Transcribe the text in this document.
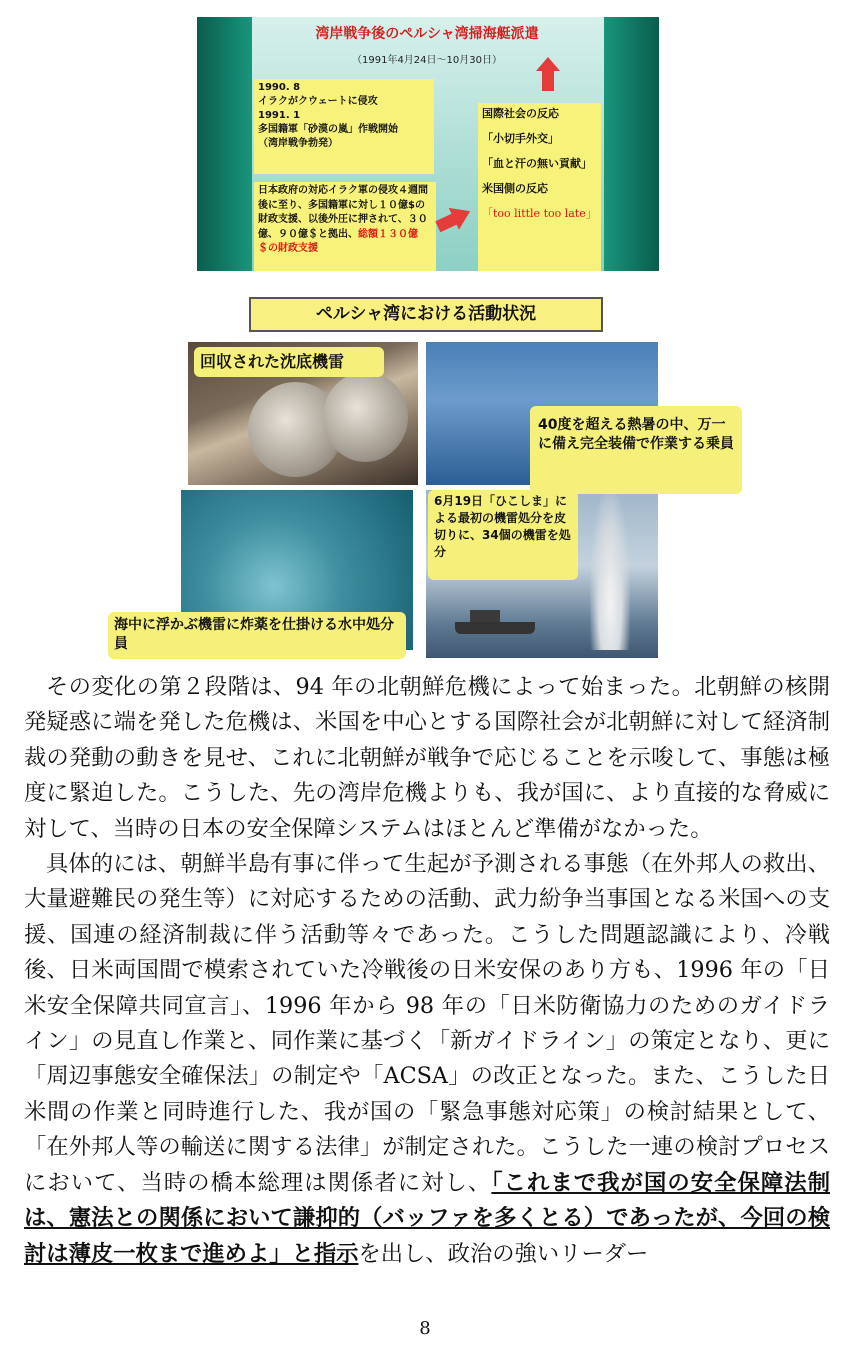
湾岸戦争後のペルシャ湾掃海艇派遣
（1991年4月24日～10月30日）
1990. 8
イラクがクウェートに侵攻
1991. 1
多国籍軍「砂漠の嵐」作戦開始
（湾岸戦争勃発）
日本政府の対応イラク軍の侵攻４週間後に至り、多国籍軍に対し１０億$の財政支援、以後外圧に押されて、３０億、９０億＄と拠出、総額１３０億＄の財政支援
国際社会の反応
「小切手外交」
「血と汗の無い貢献」
米国側の反応
「too little too late」
ペルシャ湾における活動状況
回収された沈底機雷
40度を超える熱暑の中、万一に備え完全装備で作業する乗員
6月19日「ひこしま」による最初の機雷処分を皮切りに、34個の機雷を処分
海中に浮かぶ機雷に炸薬を仕掛ける水中処分員

その変化の第２段階は、94 年の北朝鮮危機によって始まった。北朝鮮の核開発疑惑に端を発した危機は、米国を中心とする国際社会が北朝鮮に対して経済制裁の発動の動きを見せ、これに北朝鮮が戦争で応じることを示唆して、事態は極度に緊迫した。こうした、先の湾岸危機よりも、我が国に、より直接的な脅威に対して、当時の日本の安全保障システムはほとんど準備がなかった。

具体的には、朝鮮半島有事に伴って生起が予測される事態（在外邦人の救出、大量避難民の発生等）に対応するための活動、武力紛争当事国となる米国への支援、国連の経済制裁に伴う活動等々であった。こうした問題認識により、冷戦後、日米両国間で模索されていた冷戦後の日米安保のあり方も、1996 年の「日米安全保障共同宣言」、1996 年から 98 年の「日米防衛協力のためのガイドライン」の見直し作業と、同作業に基づく「新ガイドライン」の策定となり、更に「周辺事態安全確保法」の制定や「ACSA」の改正となった。また、こうした日米間の作業と同時進行した、我が国の「緊急事態対応策」の検討結果として、「在外邦人等の輸送に関する法律」が制定された。こうした一連の検討プロセスにおいて、当時の橋本総理は関係者に対し、「これまで我が国の安全保障法制は、憲法との関係において謙抑的（バッファを多くとる）であったが、今回の検討は薄皮一枚まで進めよ」と指示を出し、政治の強いリーダー

8
